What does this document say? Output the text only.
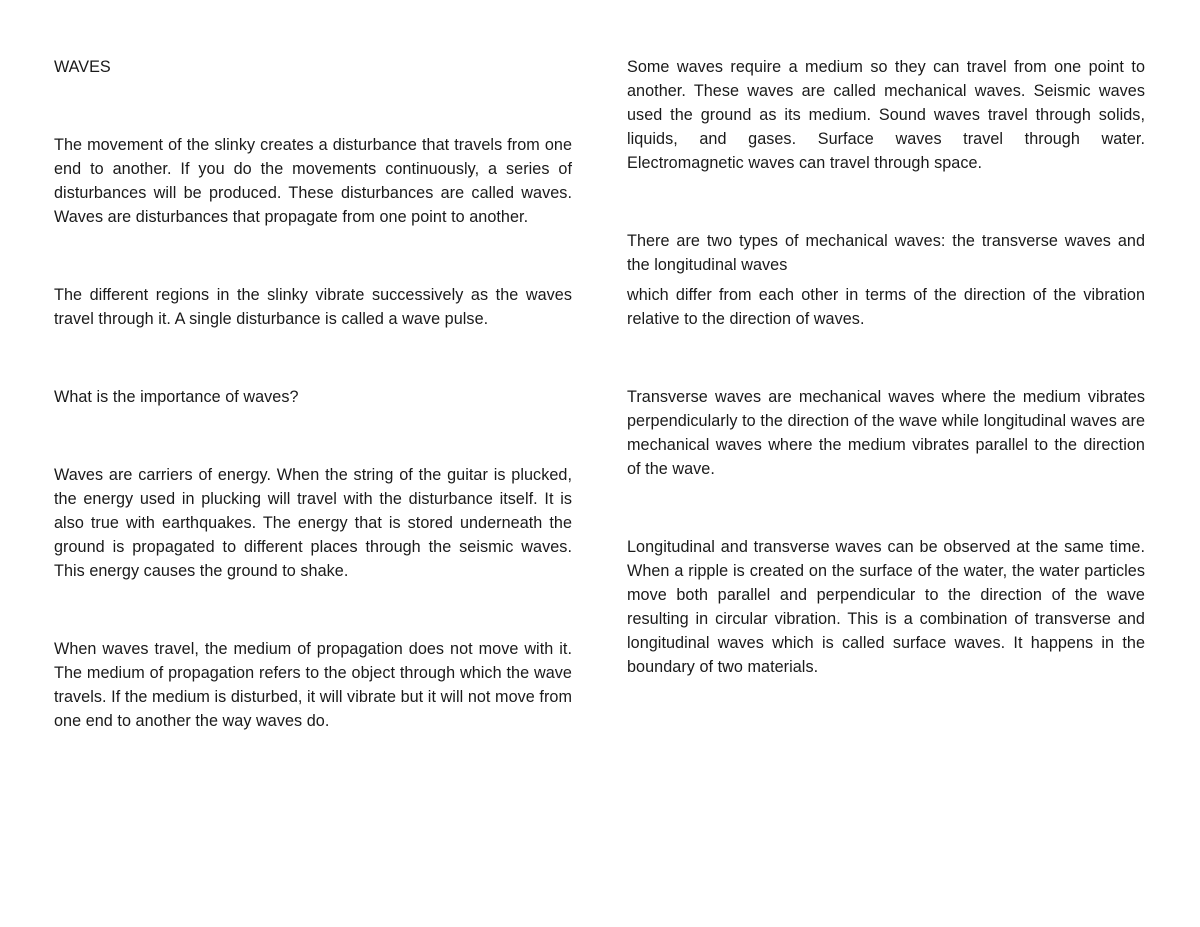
WAVES

The movement of the slinky creates a disturbance that travels from one end to another. If you do the movements continuously, a series of disturbances will be produced. These disturbances are called waves. Waves are disturbances that propagate from one point to another.

The different regions in the slinky vibrate successively as the waves travel through it. A single disturbance is called a wave pulse.

What is the importance of waves?

Waves are carriers of energy. When the string of the guitar is plucked, the energy used in plucking will travel with the disturbance itself. It is also true with earthquakes. The energy that is stored underneath the ground is propagated to different places through the seismic waves. This energy causes the ground to shake.

When waves travel, the medium of propagation does not move with it. The medium of propagation refers to the object through which the wave travels. If the medium is disturbed, it will vibrate but it will not move from one end to another the way waves do.

Some waves require a medium so they can travel from one point to another. These waves are called mechanical waves. Seismic waves used the ground as its medium. Sound waves travel through solids, liquids, and gases. Surface waves travel through water. Electromagnetic waves can travel through space.

There are two types of mechanical waves: the transverse waves and the longitudinal waves

which differ from each other in terms of the direction of the vibration relative to the direction of waves.

Transverse waves are mechanical waves where the medium vibrates perpendicularly to the direction of the wave while longitudinal waves are mechanical waves where the medium vibrates parallel to the direction of the wave.

Longitudinal and transverse waves can be observed at the same time. When a ripple is created on the surface of the water, the water particles move both parallel and perpendicular to the direction of the wave resulting in circular vibration. This is a combination of transverse and longitudinal waves which is called surface waves. It happens in the boundary of two materials.
